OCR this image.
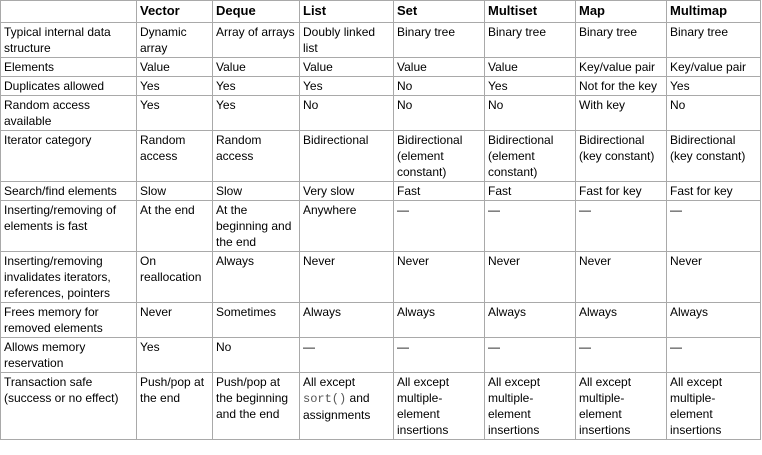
	Vector	Deque	List	Set	Multiset	Map	Multimap
Typical internal data structure	Dynamic array	Array of arrays	Doubly linked list	Binary tree	Binary tree	Binary tree	Binary tree
Elements	Value	Value	Value	Value	Value	Key/value pair	Key/value pair
Duplicates allowed	Yes	Yes	Yes	No	Yes	Not for the key	Yes
Random access available	Yes	Yes	No	No	No	With key	No
Iterator category	Random access	Random access	Bidirectional	Bidirectional (element constant)	Bidirectional (element constant)	Bidirectional (key constant)	Bidirectional (key constant)
Search/find elements	Slow	Slow	Very slow	Fast	Fast	Fast for key	Fast for key
Inserting/removing of elements is fast	At the end	At the beginning and the end	Anywhere	—	—	—	—
Inserting/removing invalidates iterators, references, pointers	On reallocation	Always	Never	Never	Never	Never	Never
Frees memory for removed elements	Never	Sometimes	Always	Always	Always	Always	Always
Allows memory reservation	Yes	No	—	—	—	—	—
Transaction safe (success or no effect)	Push/pop at the end	Push/pop at the beginning and the end	All except sort() and assignments	All except multiple-element insertions	All except multiple-element insertions	All except multiple-element insertions	All except multiple-element insertions
